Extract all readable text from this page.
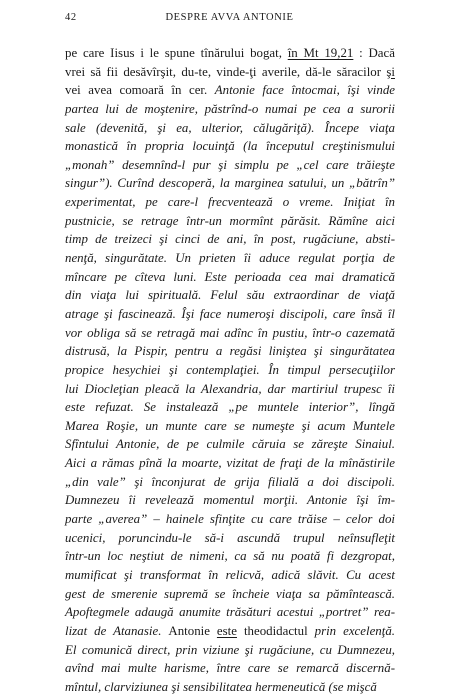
42	DESPRE AVVA ANTONIE
pe care Iisus i le spune tînărului bogat, în Mt 19,21 : Dacă
vrei să fii desăvîrşit, du-te, vinde-ţi averile, dă-le săracilor şi
vei avea comoară în cer. Antonie face întocmai, îşi vinde
partea lui de moştenire, păstrînd-o numai pe cea a surorii
sale (devenită, şi ea, ulterior, călugăriţă). Începe viaţa
monastică în propria locuinţă (la începutul creştinismului
„monah” desemnînd-l pur şi simplu pe „cel care trăieşte
singur”). Curînd descoperă, la marginea satului, un „bătrîn”
experimentat, pe care-l frecventează o vreme. Iniţiat în
pustnicie, se retrage într-un mormînt părăsit. Rămîne aici
timp de treizeci şi cinci de ani, în post, rugăciune, absti-
nenţă, singurătate. Un prieten îi aduce regulat porţia de
mîncare pe cîteva luni. Este perioada cea mai dramatică
din viaţa lui spirituală. Felul său extraordinar de viaţă
atrage şi fascinează. Îşi face numeroşi discipoli, care însă îl
vor obliga să se retragă mai adînc în pustiu, într-o cazemată
distrusă, la Pispir, pentru a regăsi liniştea şi singurătatea
propice hesychiei şi contemplaţiei. În timpul persecuţiilor
lui Diocleţian pleacă la Alexandria, dar martiriul trupesc îi
este refuzat. Se instalează „pe muntele interior”, lîngă
Marea Roşie, un munte care se numeşte şi acum Muntele
Sfîntului Antonie, de pe culmile căruia se zăreşte Sinaiul.
Aici a rămas pînă la moarte, vizitat de fraţi de la mînăstirile
„din vale” şi înconjurat de grija filială a doi discipoli.
Dumnezeu îi revelează momentul morţii. Antonie îşi îm-
parte „averea” – hainele sfinţite cu care trăise – celor doi
ucenici, poruncindu-le să-i ascundă trupul neînsufleţit
într-un loc neştiut de nimeni, ca să nu poată fi dezgropat,
mumificat şi transformat în relicvă, adică slăvit. Cu acest
gest de smerenie supremă se încheie viaţa sa pămîntească.
Apoftegmele adaugă anumite trăsături acestui „portret” rea-
lizat de Atanasie. Antonie este theodidactul prin excelenţă.
El comunică direct, prin viziune şi rugăciune, cu Dumnezeu,
avînd mai multe harisme, între care se remarcă discernă-
mîntul, clarviziunea şi sensibilitatea hermeneutică (se mişcă
